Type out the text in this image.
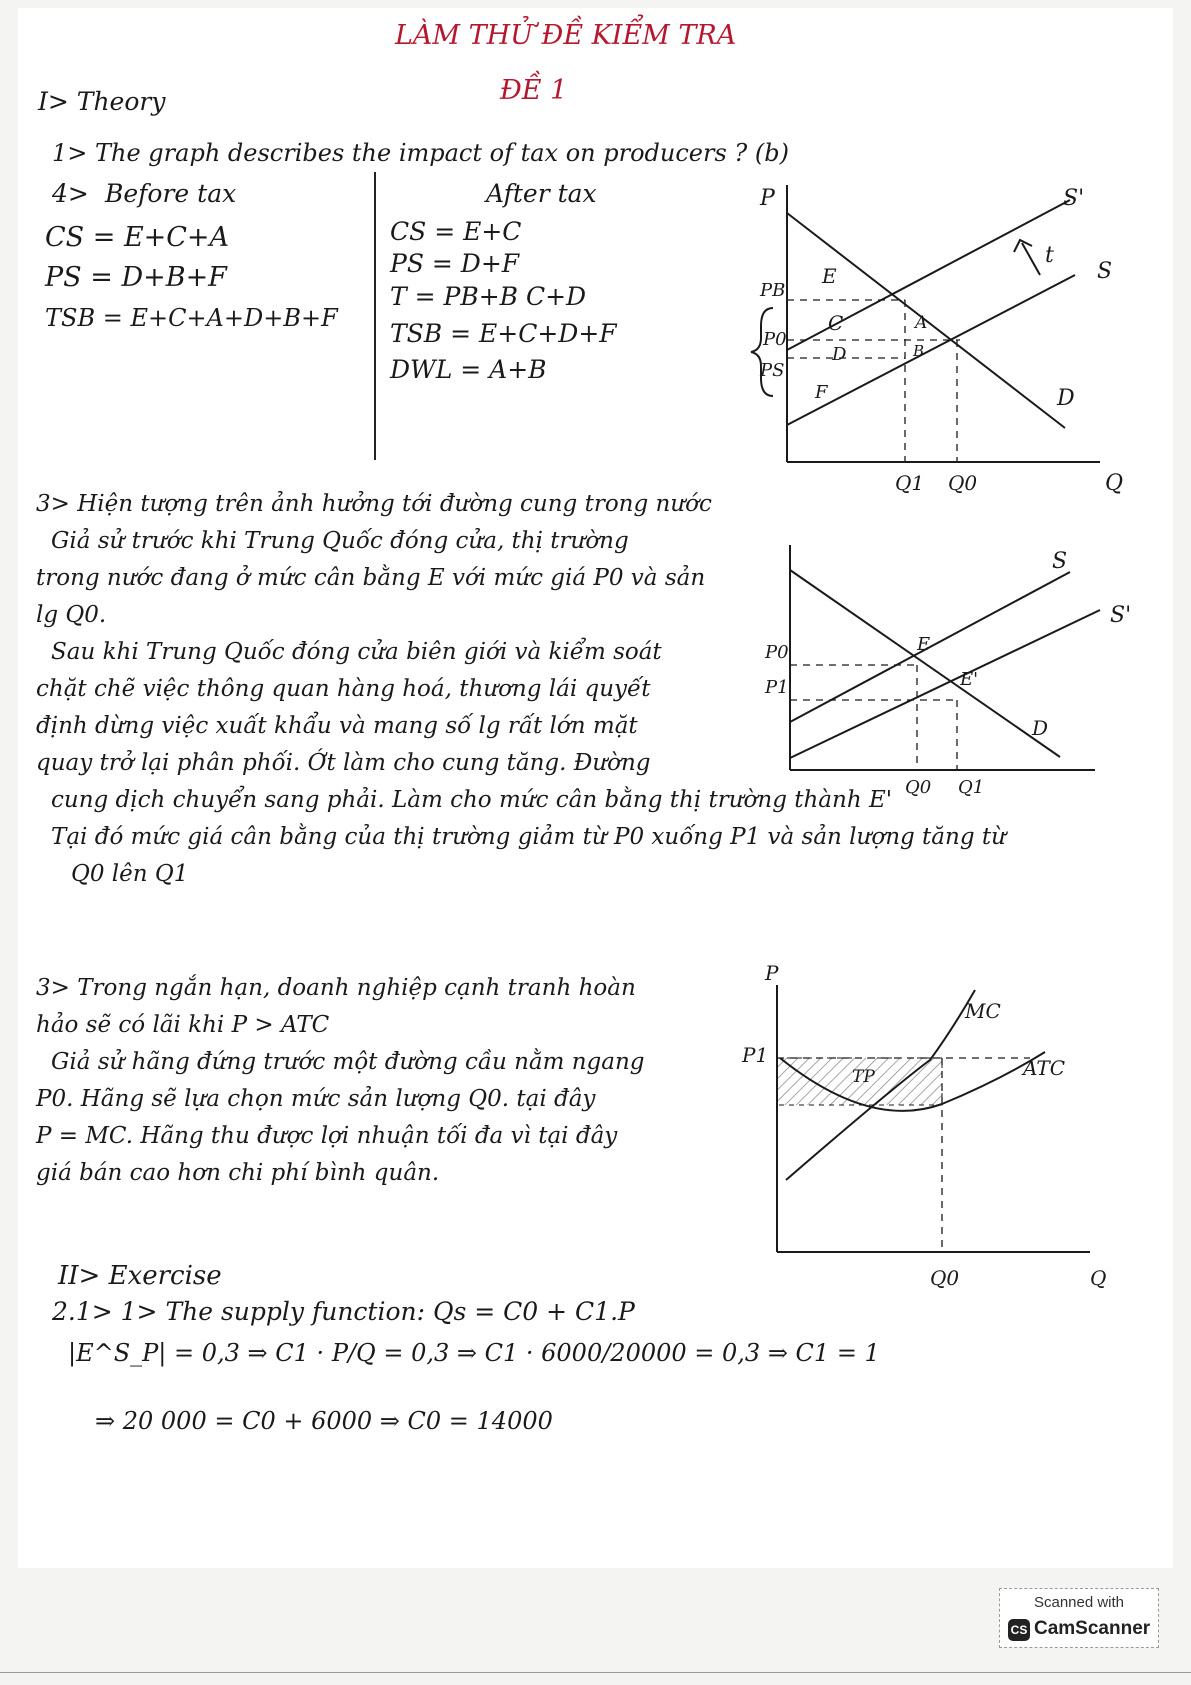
LÀM THỬ ĐỀ KIỂM TRA
ĐỀ 1
I> Theory
1> The graph describes the impact of tax on producers ? (b)
4> Before tax
CS = E+C+A
PS = D+B+F
TSB = E+C+A+D+B+F
After tax
CS = E+C
PS = D+F
T = PB+B C+D
TSB = E+C+D+F
DWL = A+B
P
Q
S'
S
D
t
PB
P0
PS
E
C	A
B
D
F
Q1 Q0
3> Hiện tượng trên ảnh hưởng tới đường cung trong nước
Giả sử trước khi Trung Quốc đóng cửa, thị trường
trong nước đang ở mức cân bằng E với mức giá P0 và sản
lg Q0.
Sau khi Trung Quốc đóng cửa biên giới và kiểm soát
chặt chẽ việc thông quan hàng hoá, thương lái quyết
định dừng việc xuất khẩu và mang số lg rất lớn mặt
quay trở lại phân phối. Ớt làm cho cung tăng. Đường
cung dịch chuyển sang phải. Làm cho mức cân bằng thị trường thành E'
Tại đó mức giá cân bằng của thị trường giảm từ P0 xuống P1 và sản lượng tăng từ
Q0 lên Q1
S
S'
D
E
E'
P0
P1
Q0 Q1
3> Trong ngắn hạn, doanh nghiệp cạnh tranh hoàn
hảo sẽ có lãi khi P > ATC
Giả sử hãng đứng trước một đường cầu nằm ngang
P0. Hãng sẽ lựa chọn mức sản lượng Q0. tại đây
P = MC. Hãng thu được lợi nhuận tối đa vì tại đây
giá bán cao hơn chi phí bình quân.
P
Q
MC
ATC
P1
Q0
TP
II> Exercise
2.1> 1> The supply function: Qs = C0 + C1.P
|E^S_P| = 0,3 ⇒ C1 · P/Q = 0,3 ⇒ C1 · 6000/20000 = 0,3 ⇒ C1 = 1
⇒ 20 000 = C0 + 6000 ⇒ C0 = 14000
Scanned with
CS CamScanner
